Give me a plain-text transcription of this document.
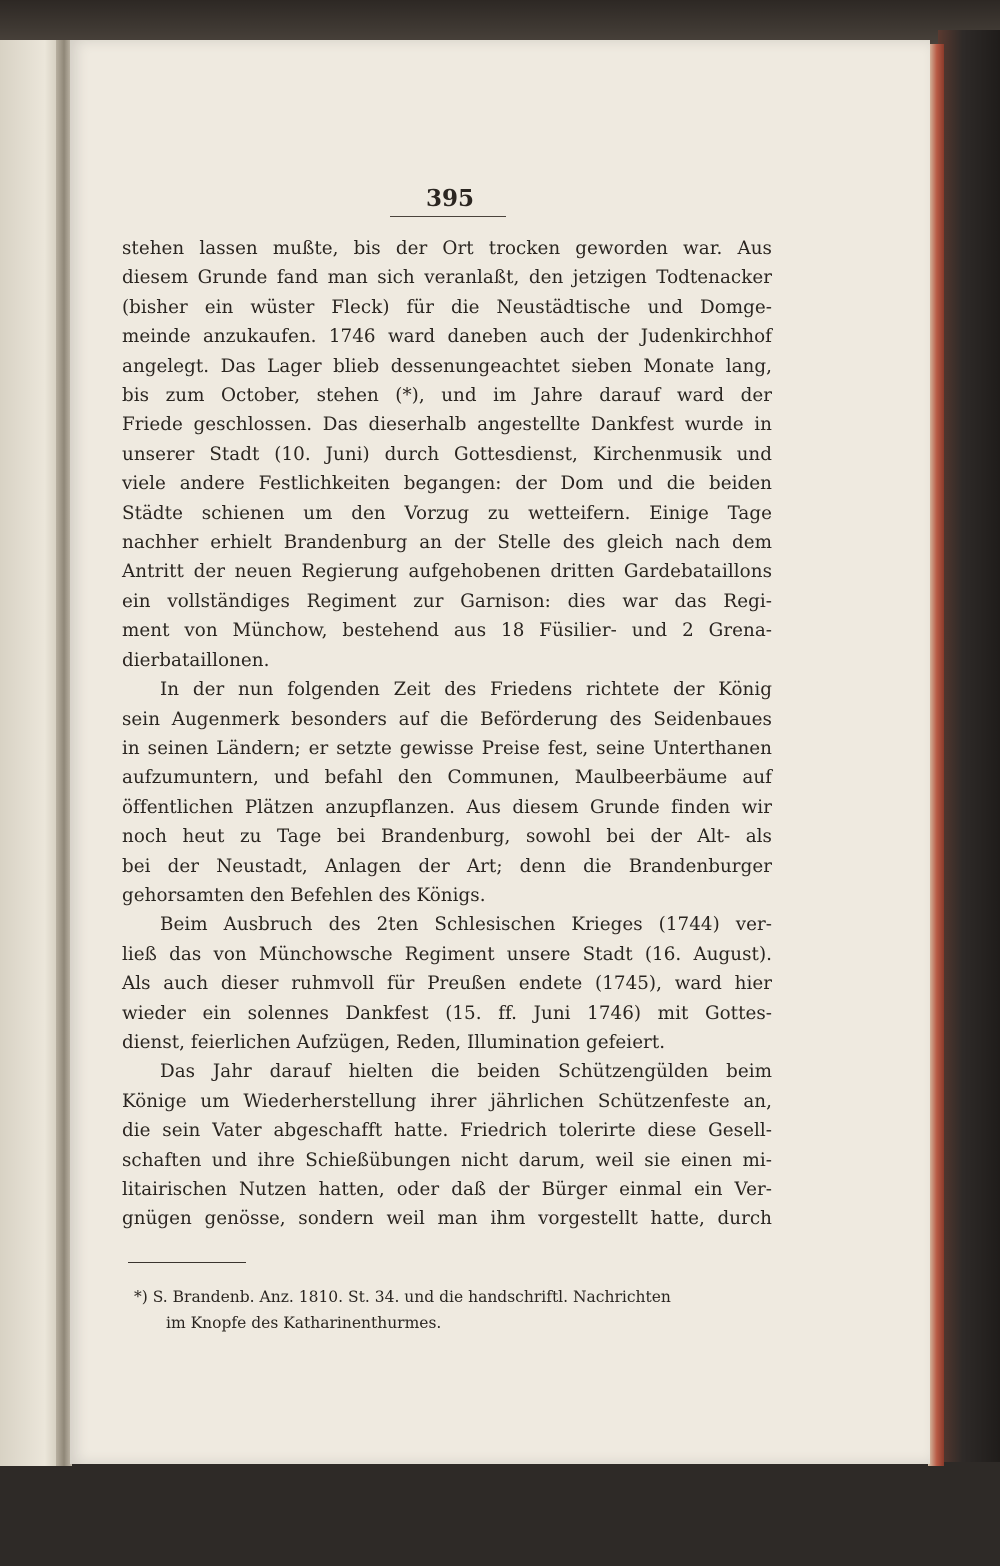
395
stehen lassen mußte, bis der Ort trocken geworden war. Aus
diesem Grunde fand man sich veranlaßt, den jetzigen Todtenacker
(bisher ein wüster Fleck) für die Neustädtische und Domge-
meinde anzukaufen. 1746 ward daneben auch der Judenkirchhof
angelegt. Das Lager blieb dessenungeachtet sieben Monate lang,
bis zum October, stehen (*), und im Jahre darauf ward der
Friede geschlossen. Das dieserhalb angestellte Dankfest wurde in
unserer Stadt (10. Juni) durch Gottesdienst, Kirchenmusik und
viele andere Festlichkeiten begangen: der Dom und die beiden
Städte schienen um den Vorzug zu wetteifern. Einige Tage
nachher erhielt Brandenburg an der Stelle des gleich nach dem
Antritt der neuen Regierung aufgehobenen dritten Gardebataillons
ein vollständiges Regiment zur Garnison: dies war das Regi-
ment von Münchow, bestehend aus 18 Füsilier- und 2 Grena-
dierbataillonen.
In der nun folgenden Zeit des Friedens richtete der König
sein Augenmerk besonders auf die Beförderung des Seidenbaues
in seinen Ländern; er setzte gewisse Preise fest, seine Unterthanen
aufzumuntern, und befahl den Communen, Maulbeerbäume auf
öffentlichen Plätzen anzupflanzen. Aus diesem Grunde finden wir
noch heut zu Tage bei Brandenburg, sowohl bei der Alt- als
bei der Neustadt, Anlagen der Art; denn die Brandenburger
gehorsamten den Befehlen des Königs.
Beim Ausbruch des 2ten Schlesischen Krieges (1744) ver-
ließ das von Münchowsche Regiment unsere Stadt (16. August).
Als auch dieser ruhmvoll für Preußen endete (1745), ward hier
wieder ein solennes Dankfest (15. ff. Juni 1746) mit Gottes-
dienst, feierlichen Aufzügen, Reden, Illumination gefeiert.
Das Jahr darauf hielten die beiden Schützengülden beim
Könige um Wiederherstellung ihrer jährlichen Schützenfeste an,
die sein Vater abgeschafft hatte. Friedrich tolerirte diese Gesell-
schaften und ihre Schießübungen nicht darum, weil sie einen mi-
litairischen Nutzen hatten, oder daß der Bürger einmal ein Ver-
gnügen genösse, sondern weil man ihm vorgestellt hatte, durch
*) S. Brandenb. Anz. 1810. St. 34. und die handschriftl. Nachrichten
im Knopfe des Katharinenthurmes.
